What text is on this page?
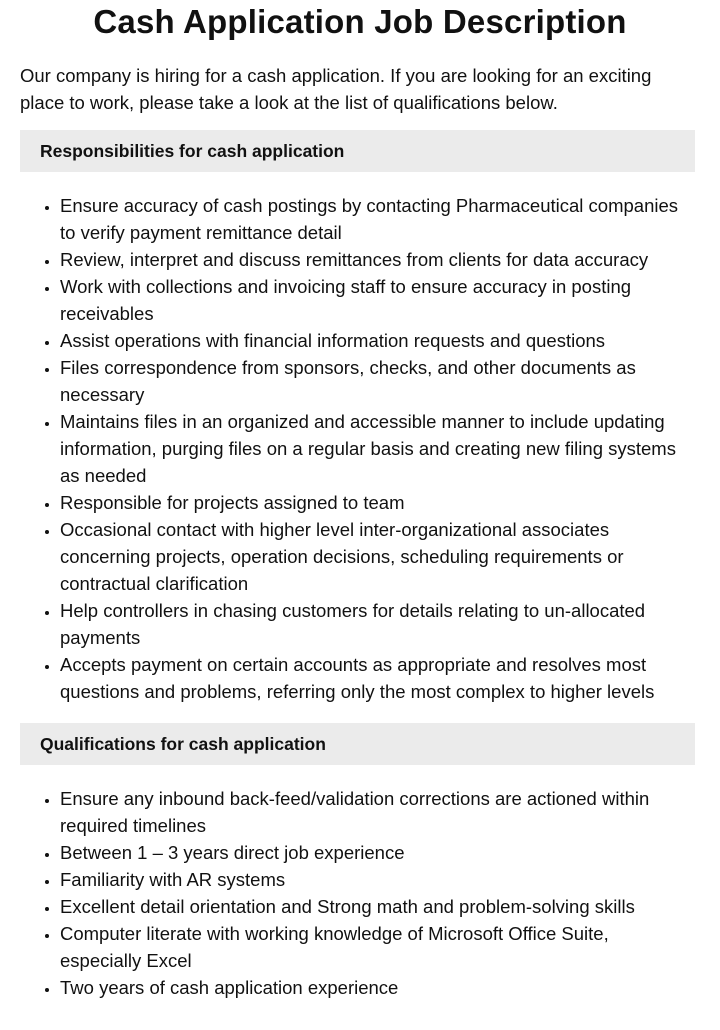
Cash Application Job Description

Our company is hiring for a cash application. If you are looking for an exciting place to work, please take a look at the list of qualifications below.

Responsibilities for cash application
• Ensure accuracy of cash postings by contacting Pharmaceutical companies to verify payment remittance detail
• Review, interpret and discuss remittances from clients for data accuracy
• Work with collections and invoicing staff to ensure accuracy in posting receivables
• Assist operations with financial information requests and questions
• Files correspondence from sponsors, checks, and other documents as necessary
• Maintains files in an organized and accessible manner to include updating information, purging files on a regular basis and creating new filing systems as needed
• Responsible for projects assigned to team
• Occasional contact with higher level inter-organizational associates concerning projects, operation decisions, scheduling requirements or contractual clarification
• Help controllers in chasing customers for details relating to un-allocated payments
• Accepts payment on certain accounts as appropriate and resolves most questions and problems, referring only the most complex to higher levels
Qualifications for cash application
• Ensure any inbound back-feed/validation corrections are actioned within required timelines
• Between 1 – 3 years direct job experience
• Familiarity with AR systems
• Excellent detail orientation and Strong math and problem-solving skills
• Computer literate with working knowledge of Microsoft Office Suite, especially Excel
• Two years of cash application experience
